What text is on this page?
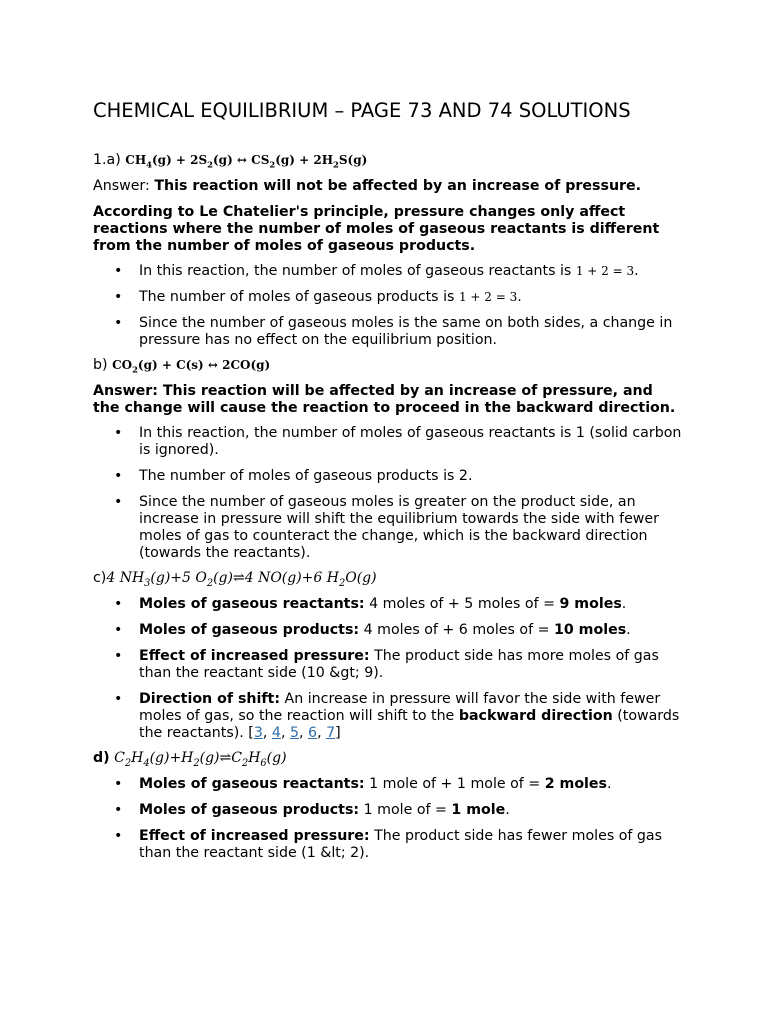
CHEMICAL EQUILIBRIUM – PAGE 73 AND 74 SOLUTIONS

1.a) $CH_4(g) + 2S_2(g)$ ↔ $CS_2(g) + 2H_2S(g)$

Answer: This reaction will not be affected by an increase of pressure.

According to Le Chatelier's principle, pressure changes only affect reactions where the number of moles of gaseous reactants is different from the number of moles of gaseous products.

• In this reaction, the number of moles of gaseous reactants is 1 + 2 = 3.
• The number of moles of gaseous products is 1 + 2 = 3.
• Since the number of gaseous moles is the same on both sides, a change in pressure has no effect on the equilibrium position.

b) $CO_2(g) + C(s)$ ↔ 2CO(g)

Answer: This reaction will be affected by an increase of pressure, and the change will cause the reaction to proceed in the backward direction.

• In this reaction, the number of moles of gaseous reactants is 1 (solid carbon is ignored).
• The number of moles of gaseous products is 2.
• Since the number of gaseous moles is greater on the product side, an increase in pressure will shift the equilibrium towards the side with fewer moles of gas to counteract the change, which is the backward direction (towards the reactants).

c)4 $NH_3(g)+5$ $O_2(g)\rightleftharpoons 4$ NO(g)+6 $H_2O(g)$

• Moles of gaseous reactants: 4 moles of + 5 moles of = 9 moles.
• Moles of gaseous products: 4 moles of + 6 moles of = 10 moles.
• Effect of increased pressure: The product side has more moles of gas than the reactant side (10 &gt; 9).
• Direction of shift: An increase in pressure will favor the side with fewer moles of gas, so the reaction will shift to the backward direction (towards the reactants). [3, 4, 5, 6, 7]

d) $C_2H_4(g)+H_2(g)\rightleftharpoons C_2H_6(g)$

• Moles of gaseous reactants: 1 mole of + 1 mole of = 2 moles.
• Moles of gaseous products: 1 mole of = 1 mole.
• Effect of increased pressure: The product side has fewer moles of gas than the reactant side (1 &lt; 2).
